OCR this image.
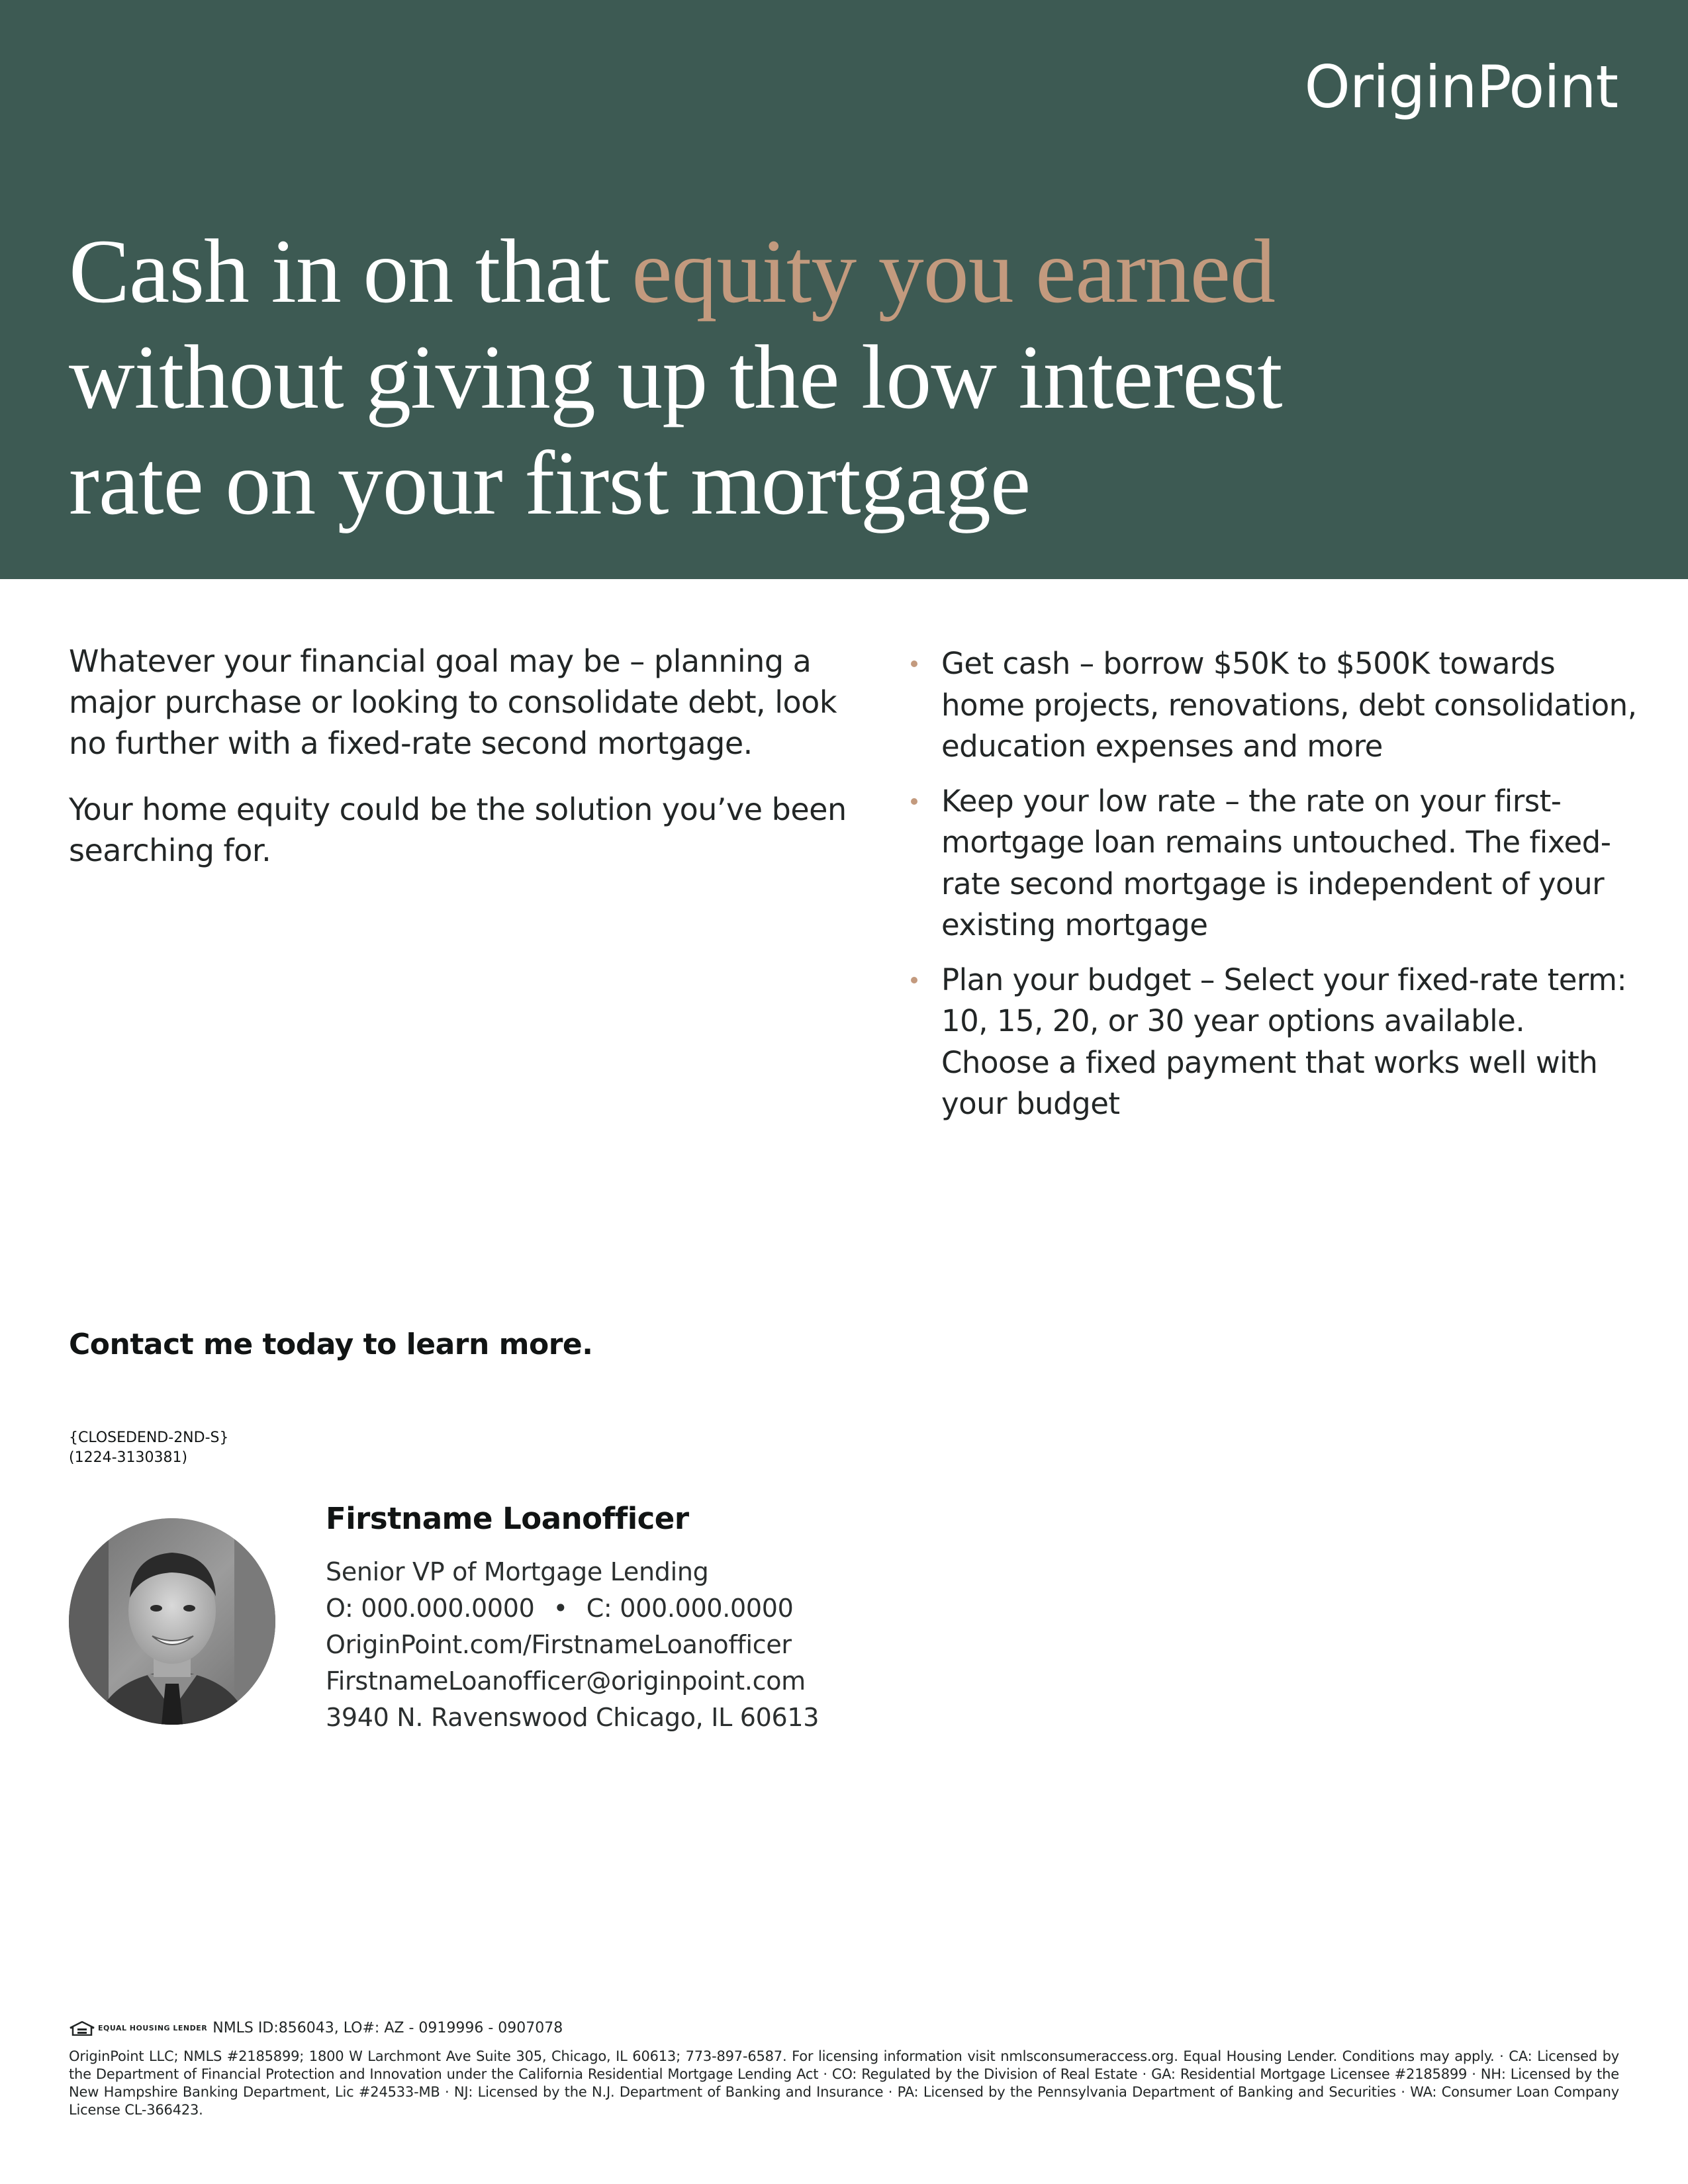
OriginPoint
Cash in on that equity you earned
without giving up the low interest
rate on your first mortgage

Whatever your financial goal may be – planning a major purchase or looking to consolidate debt, look no further with a fixed-rate second mortgage.

Your home equity could be the solution you’ve been searching for.

Get cash – borrow $50K to $500K towards home projects, renovations, debt consolidation, education expenses and more
Keep your low rate – the rate on your first-mortgage loan remains untouched. The fixed-rate second mortgage is independent of your existing mortgage
Plan your budget – Select your fixed-rate term: 10, 15, 20, or 30 year options available. Choose a fixed payment that works well with your budget
Contact me today to learn more.
{CLOSEDEND-2ND-S}
(1224-3130381)
Firstname Loanofficer
Senior VP of Mortgage Lending
O: 000.000.0000 • C: 000.000.0000
OriginPoint.com/FirstnameLoanofficer
FirstnameLoanofficer@originpoint.com
3940 N. Ravenswood Chicago, IL 60613
EQUAL HOUSING LENDER NMLS ID:856043, LO#: AZ - 0919996 - 0907078

OriginPoint LLC; NMLS #2185899; 1800 W Larchmont Ave Suite 305, Chicago, IL 60613; 773-897-6587. For licensing information visit nmlsconsumeraccess.org. Equal Housing Lender. Conditions may apply. · CA: Licensed by the Department of Financial Protection and Innovation under the California Residential Mortgage Lending Act · CO: Regulated by the Division of Real Estate · GA: Residential Mortgage Licensee #2185899 · NH: Licensed by the New Hampshire Banking Department, Lic #24533-MB · NJ: Licensed by the N.J. Department of Banking and Insurance · PA: Licensed by the Pennsylvania Department of Banking and Securities · WA: Consumer Loan Company License CL-366423.
